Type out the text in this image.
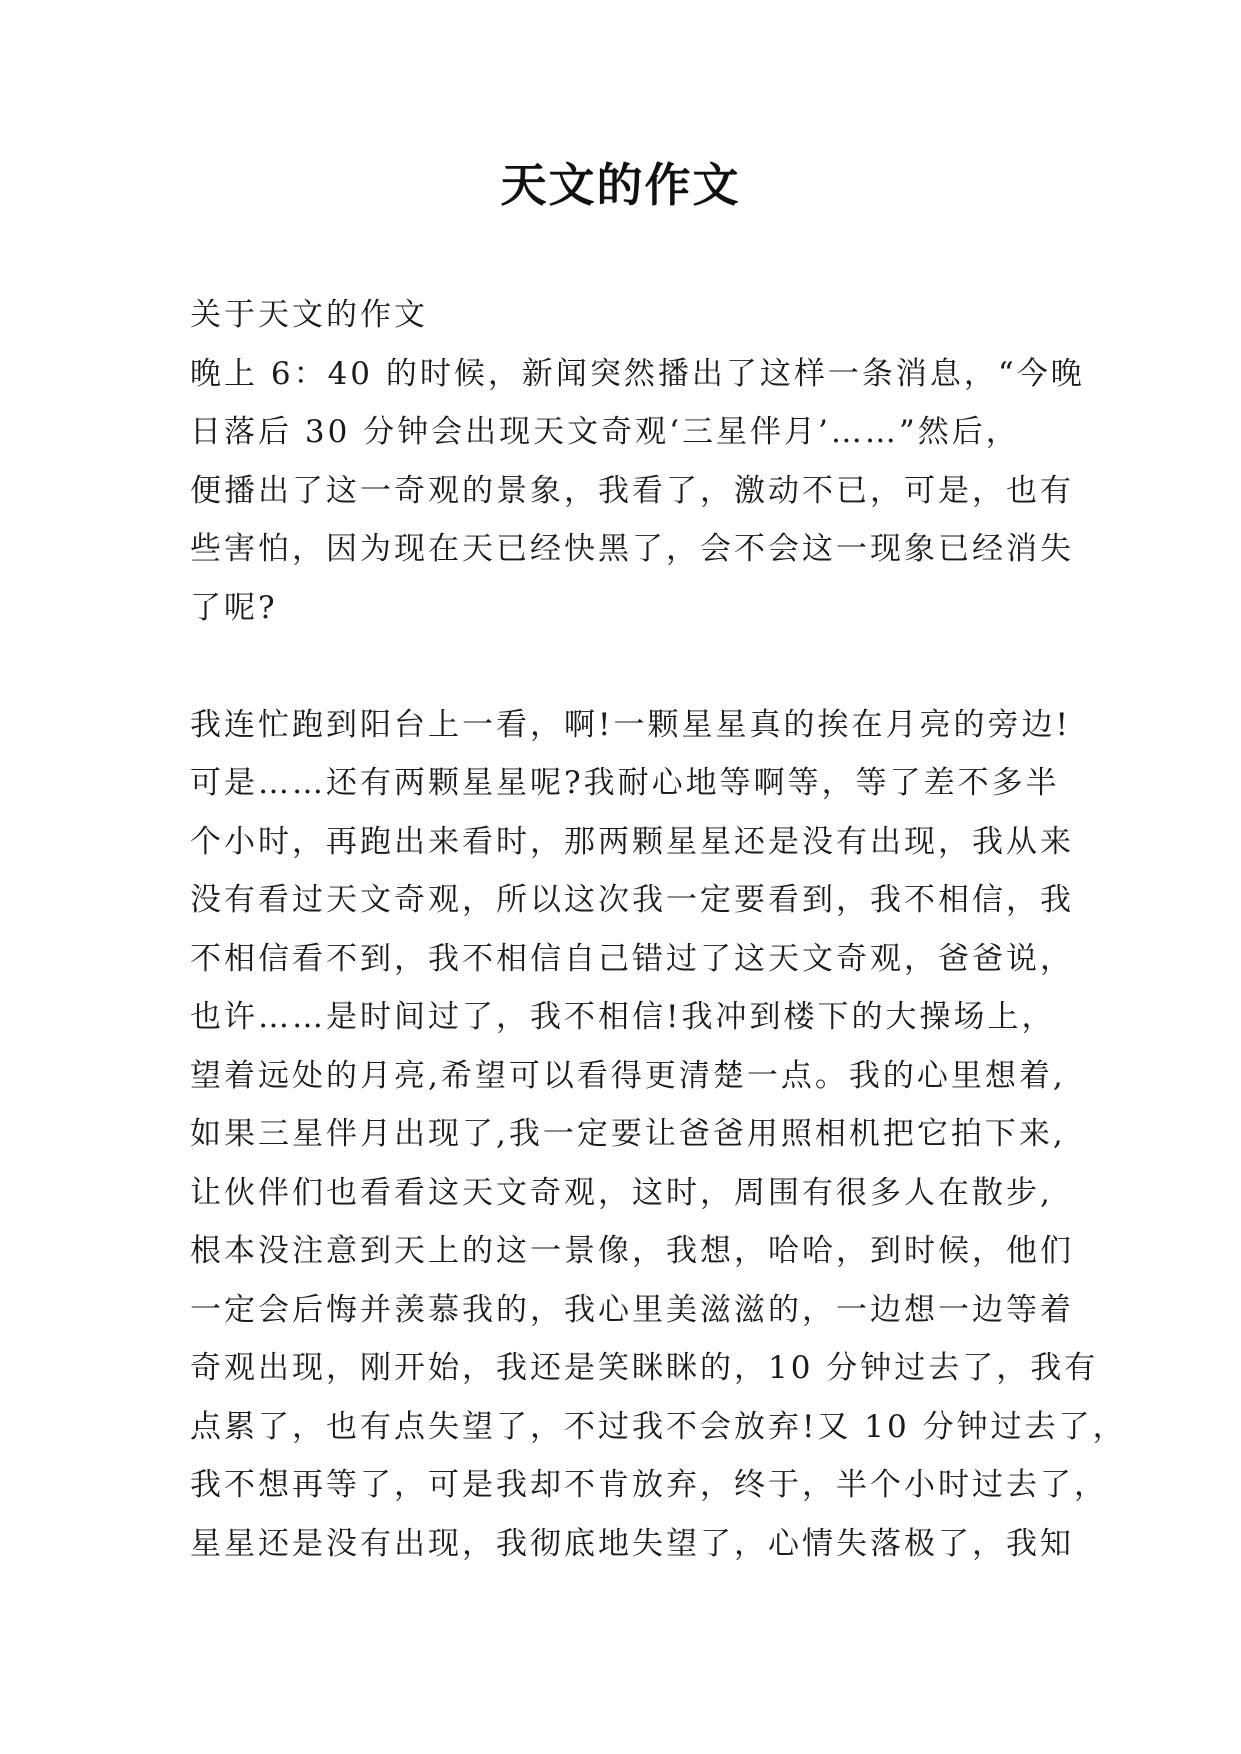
天文的作文

关于天文的作文

晚上 6：40 的时候，新闻突然播出了这样一条消息，“今晚

日落后 30 分钟会出现天文奇观‘三星伴月’……”然后，

便播出了这一奇观的景象，我看了，激动不已，可是，也有

些害怕，因为现在天已经快黑了，会不会这一现象已经消失

了呢?

我连忙跑到阳台上一看，啊!一颗星星真的挨在月亮的旁边!

可是……还有两颗星星呢?我耐心地等啊等，等了差不多半

个小时，再跑出来看时，那两颗星星还是没有出现，我从来

没有看过天文奇观，所以这次我一定要看到，我不相信，我

不相信看不到，我不相信自己错过了这天文奇观，爸爸说，

也许……是时间过了，我不相信!我冲到楼下的大操场上，

望着远处的月亮,希望可以看得更清楚一点。我的心里想着,

如果三星伴月出现了,我一定要让爸爸用照相机把它拍下来,

让伙伴们也看看这天文奇观，这时，周围有很多人在散步,

根本没注意到天上的这一景像，我想，哈哈，到时候，他们

一定会后悔并羡慕我的，我心里美滋滋的，一边想一边等着

奇观出现，刚开始，我还是笑眯眯的，10 分钟过去了，我有

点累了，也有点失望了，不过我不会放弃!又 10 分钟过去了，

我不想再等了，可是我却不肯放弃，终于，半个小时过去了，

星星还是没有出现，我彻底地失望了，心情失落极了，我知
